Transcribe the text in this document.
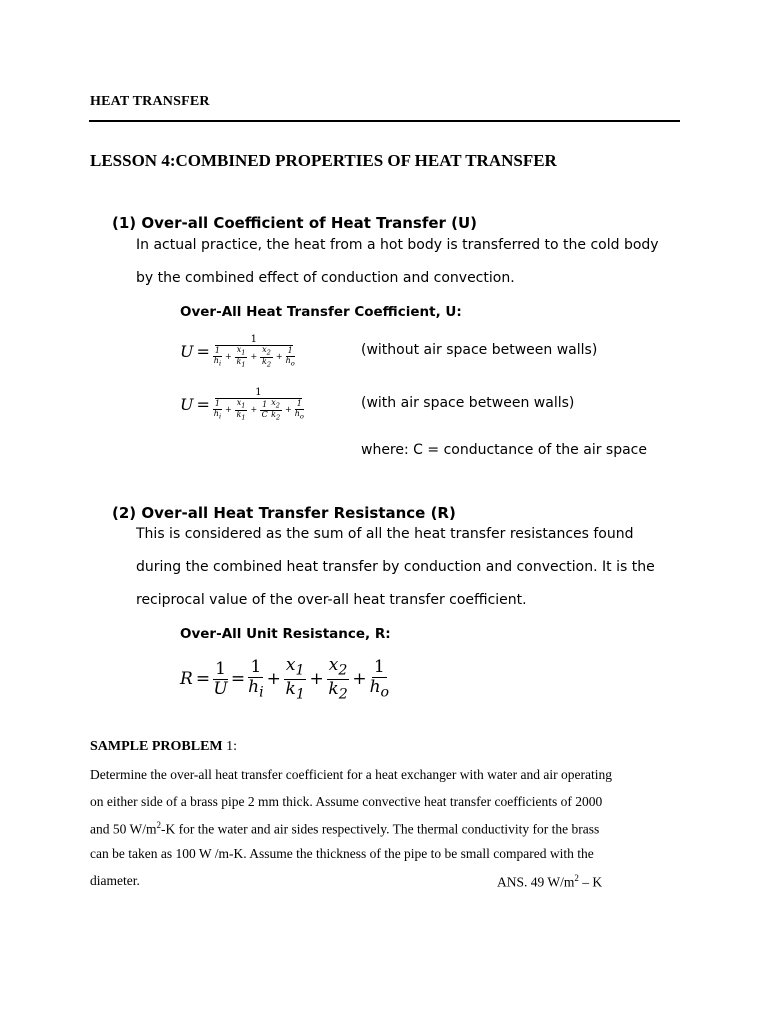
HEAT TRANSFER
LESSON 4:COMBINED PROPERTIES OF HEAT TRANSFER
(1) Over-all Coefficient of Heat Transfer (U)
In actual practice, the heat from a hot body is transferred to the cold body
by the combined effect of conduction and convection.
Over-All Heat Transfer Coefficient, U:
$U = \frac{1}{\frac{1}{h_i} + \frac{x_1}{k_1} + \frac{x_2}{k_2} + \frac{1}{h_o}}$	(without air space between walls)
$U = \frac{1}{\frac{1}{h_i} + \frac{x_1}{k_1} + \frac{1}{C} \frac{x_2}{k_2} + \frac{1}{h_o}}$	(with air space between walls)
where: C = conductance of the air space
(2) Over-all Heat Transfer Resistance (R)
This is considered as the sum of all the heat transfer resistances found
during the combined heat transfer by conduction and convection. It is the
reciprocal value of the over-all heat transfer coefficient.
Over-All Unit Resistance, R:
$R = \frac{1}{U} = \frac{1}{h_i} + \frac{x_1}{k_1} + \frac{x_2}{k_2} + \frac{1}{h_o}$
SAMPLE PROBLEM 1:
Determine the over-all heat transfer coefficient for a heat exchanger with water and air operating
on either side of a brass pipe 2 mm thick. Assume convective heat transfer coefficients of 2000
and 50 $W/m^2-K$ for the water and air sides respectively. The thermal conductivity for the brass
can be taken as 100 W /m-K. Assume the thickness of the pipe to be small compared with the
diameter.	ANS. 49 $W/m^2$ – K
